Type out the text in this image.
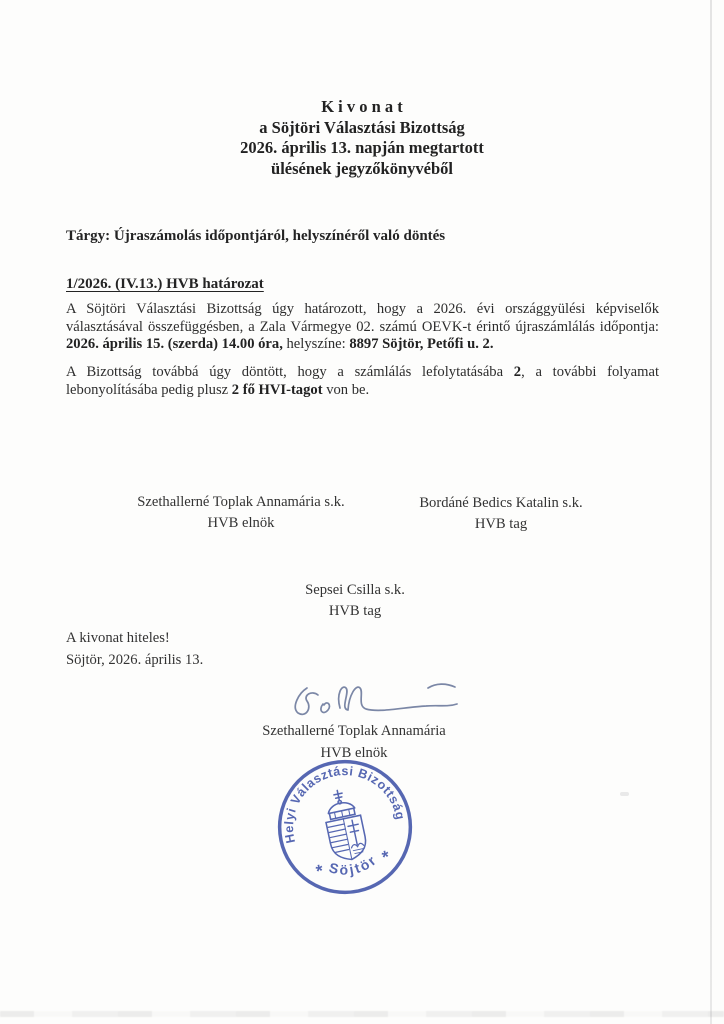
K i v o n a t
a Söjtöri Választási Bizottság
2026. április 13. napján megtartott
ülésének jegyzőkönyvéből
Tárgy: Újraszámolás időpontjáról, helyszínéről való döntés
1/2026. (IV.13.) HVB határozat
A Söjtöri Választási Bizottság úgy határozott, hogy a 2026. évi országgyülési képviselők választásával összefüggésben, a Zala Vármegye 02. számú OEVK-t érintő újraszámlálás időpontja: 2026. április 15. (szerda) 14.00 óra, helyszíne: 8897 Söjtör, Petőfi u. 2.
A Bizottság továbbá úgy döntött, hogy a számlálás lefolytatásába 2, a további folyamat lebonyolításába pedig plusz 2 fő HVI-tagot von be.
Szethallerné Toplak Annamária s.k.
HVB elnök
Bordáné Bedics Katalin s.k.
HVB tag
Sepsei Csilla s.k.
HVB tag
A kivonat hiteles!
Söjtör, 2026. április 13.
Szethallerné Toplak Annamária
HVB elnök
Helyi Választási Bizottság
Söjtör
*
*
